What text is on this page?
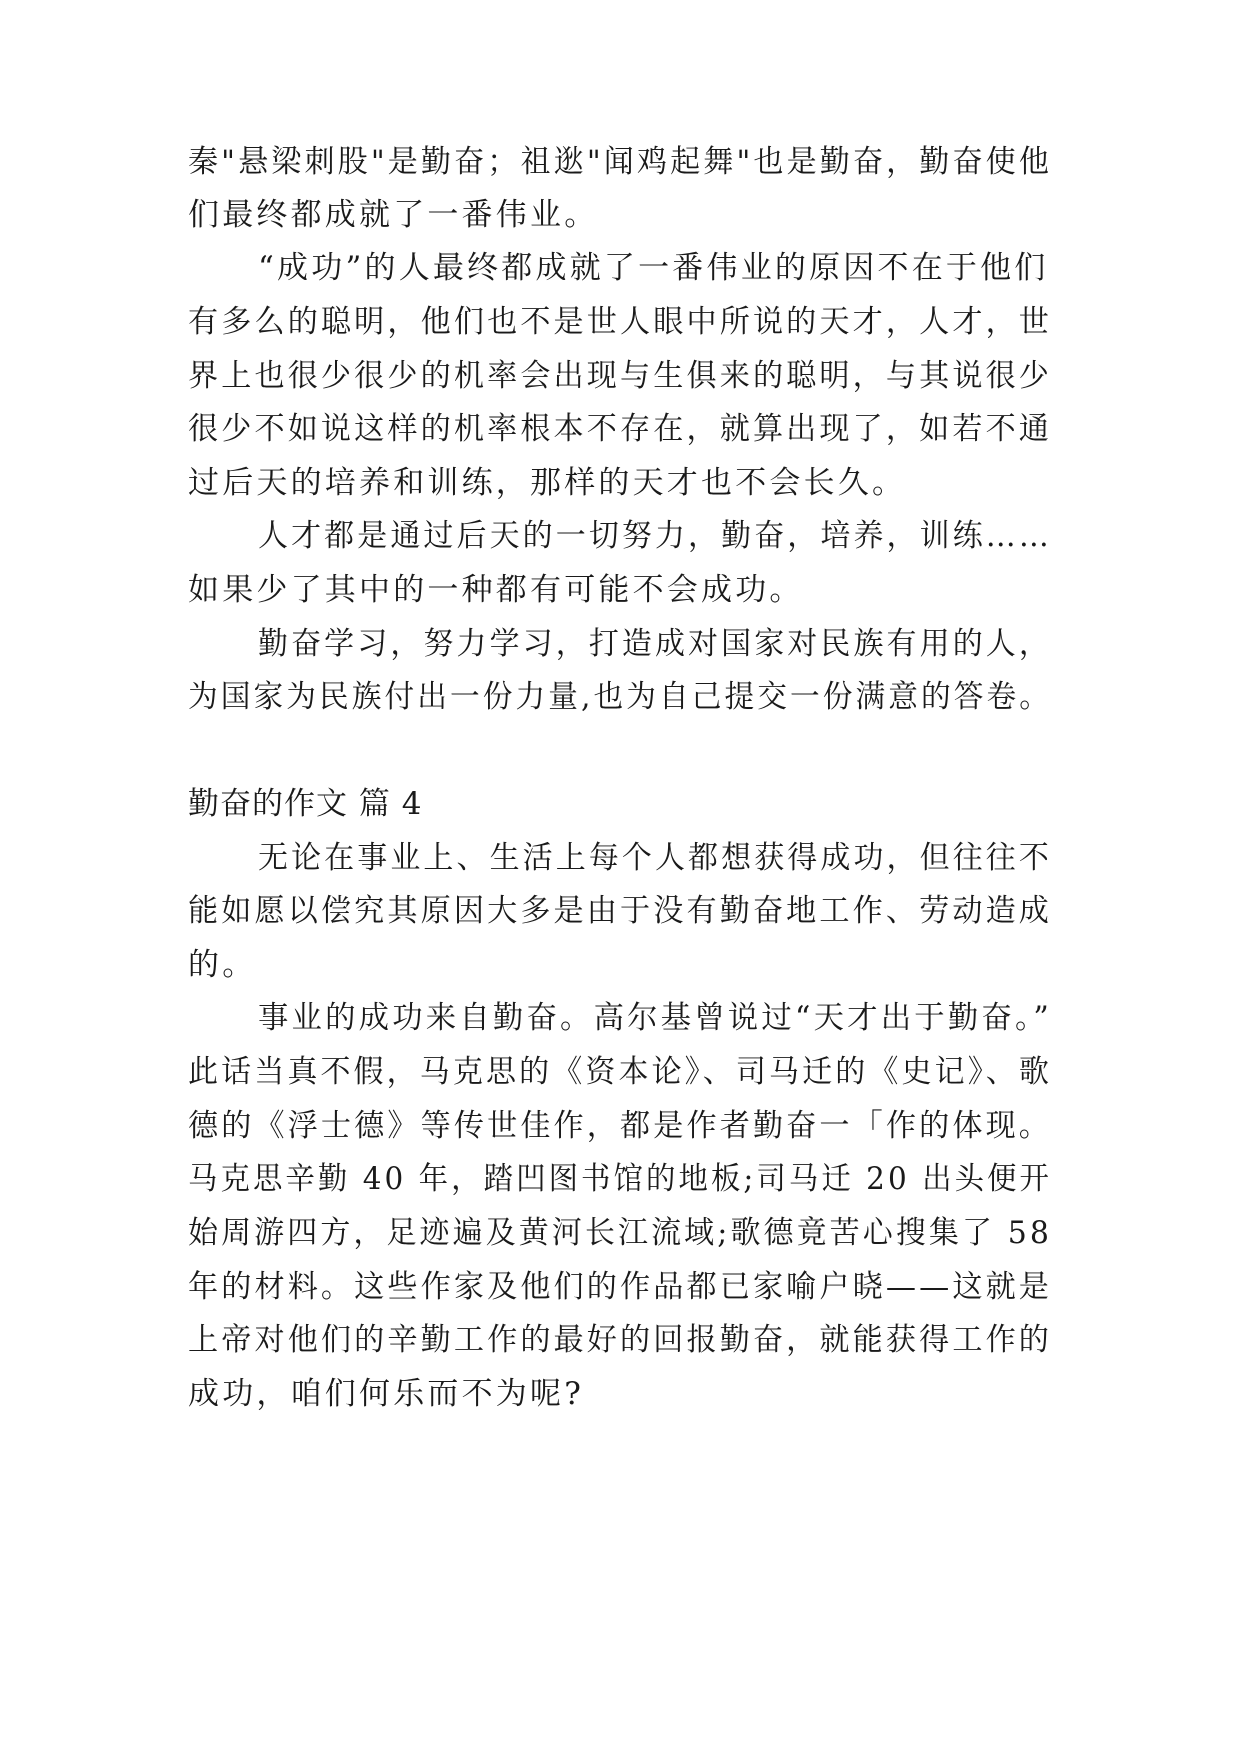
秦"悬梁刺股"是勤奋；祖逖"闻鸡起舞"也是勤奋，勤奋使他
们最终都成就了一番伟业。
“成功”的人最终都成就了一番伟业的原因不在于他们
有多么的聪明，他们也不是世人眼中所说的天才，人才，世
界上也很少很少的机率会出现与生俱来的聪明，与其说很少
很少不如说这样的机率根本不存在，就算出现了，如若不通
过后天的培养和训练，那样的天才也不会长久。
人才都是通过后天的一切努力，勤奋，培养，训练……
如果少了其中的一种都有可能不会成功。
勤奋学习，努力学习，打造成对国家对民族有用的人，
为国家为民族付出一份力量,也为自己提交一份满意的答卷。
勤奋的作文 篇 4
无论在事业上、生活上每个人都想获得成功，但往往不
能如愿以偿究其原因大多是由于没有勤奋地工作、劳动造成
的。
事业的成功来自勤奋。高尔基曾说过“天才出于勤奋。”
此话当真不假，马克思的《资本论》、司马迁的《史记》、歌
德的《浮士德》等传世佳作，都是作者勤奋一「作的体现。
马克思辛勤 40 年，踏凹图书馆的地板;司马迁 20 出头便开
始周游四方，足迹遍及黄河长江流域;歌德竟苦心搜集了 58
年的材料。这些作家及他们的作品都已家喻户晓——这就是
上帝对他们的辛勤工作的最好的回报勤奋，就能获得工作的
成功，咱们何乐而不为呢?
